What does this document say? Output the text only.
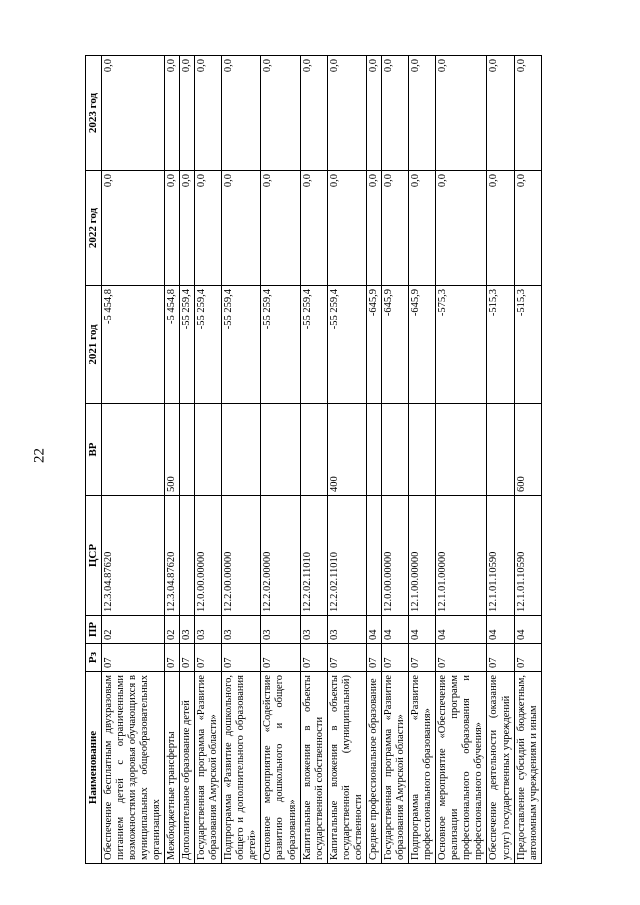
22
Наименование	Рз	ПР	ЦСР	ВР	2021 год	2022 год	2023 год
Обеспечение бесплатным двухразовым питанием детей с ограниченными возможностями здоровья обучающихся в муниципальных общеобразовательных организациях	07	02	12.3.04.87620		-5 454,8	0,0	0,0
Межбюджетные трансферты	07	02	12.3.04.87620	500	-5 454,8	0,0	0,0
Дополнительное образование детей	07	03			-55 259,4	0,0	0,0
Государственная программа «Развитие образования Амурской области»	07	03	12.0.00.00000		-55 259,4	0,0	0,0
Подпрограмма «Развитие дошкольного, общего и дополнительного образования детей»	07	03	12.2.00.00000		-55 259,4	0,0	0,0
Основное мероприятие «Содействие развитию дошкольного и общего образования»	07	03	12.2.02.00000		-55 259,4	0,0	0,0
Капитальные вложения в объекты государственной собственности	07	03	12.2.02.11010		-55 259,4	0,0	0,0
Капитальные вложения в объекты государственной (муниципальной) собственности	07	03	12.2.02.11010	400	-55 259,4	0,0	0,0
Среднее профессиональное образование	07	04			-645,9	0,0	0,0
Государственная программа «Развитие образования Амурской области»	07	04	12.0.00.00000		-645,9	0,0	0,0
Подпрограмма «Развитие профессионального образования»	07	04	12.1.00.00000		-645,9	0,0	0,0
Основное мероприятие «Обеспечение реализации программ профессионального образования и профессионального обучения»	07	04	12.1.01.00000		-575,3	0,0	0,0
Обеспечение деятельности (оказание услуг) государственных учреждений	07	04	12.1.01.10590		-515,3	0,0	0,0
Предоставление субсидий бюджетным, автономным учреждениям и иным	07	04	12.1.01.10590	600	-515,3	0,0	0,0
